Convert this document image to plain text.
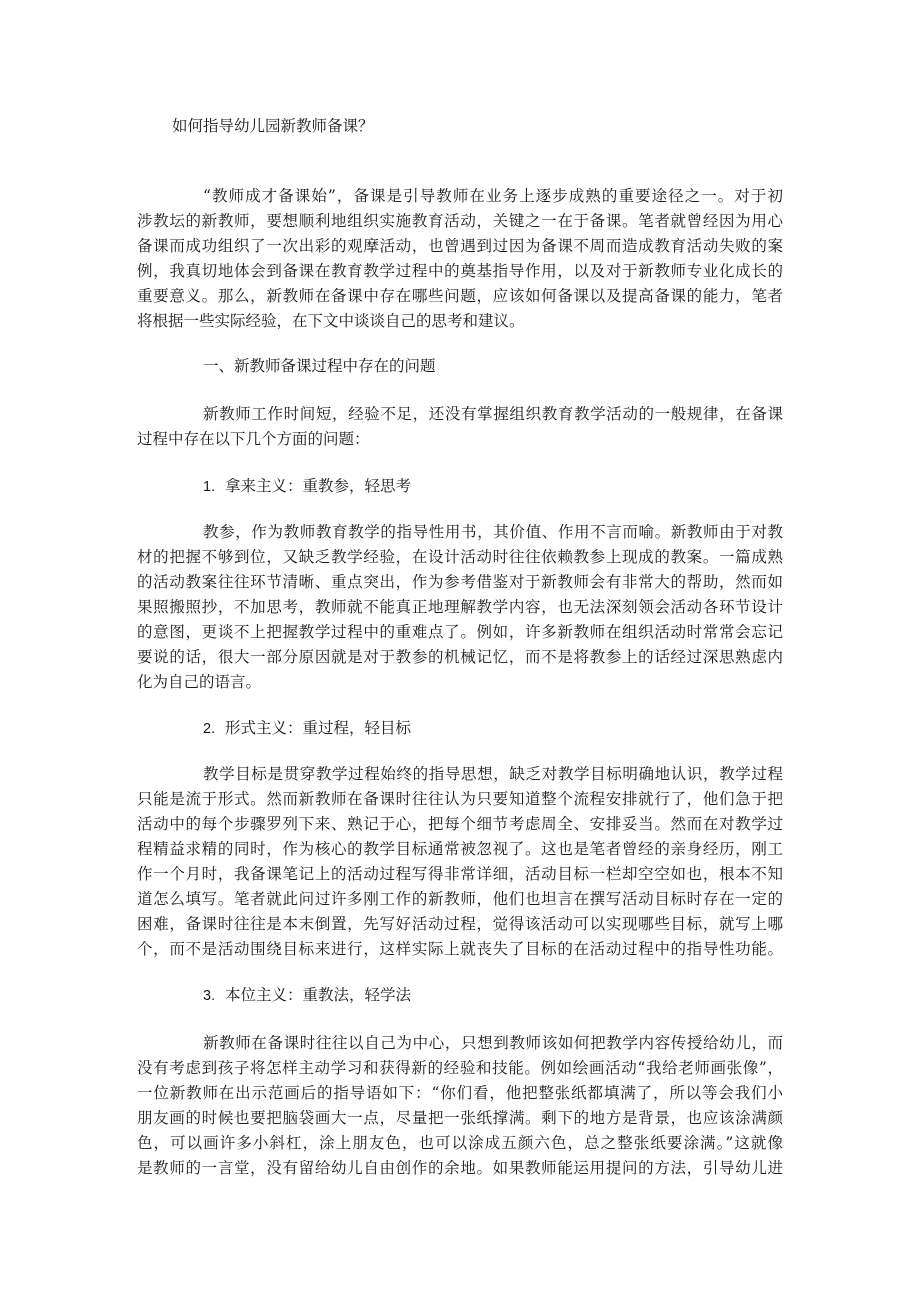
如何指导幼儿园新教师备课？
“教师成才备课始”，备课是引导教师在业务上逐步成熟的重要途径之一。对于初
涉教坛的新教师，要想顺利地组织实施教育活动，关键之一在于备课。笔者就曾经因为用心
备课而成功组织了一次出彩的观摩活动，也曾遇到过因为备课不周而造成教育活动失败的案
例，我真切地体会到备课在教育教学过程中的奠基指导作用，以及对于新教师专业化成长的
重要意义。那么，新教师在备课中存在哪些问题，应该如何备课以及提高备课的能力，笔者
将根据一些实际经验，在下文中谈谈自己的思考和建议。
一、新教师备课过程中存在的问题
新教师工作时间短，经验不足，还没有掌握组织教育教学活动的一般规律，在备课
过程中存在以下几个方面的问题：
1. 拿来主义：重教参，轻思考
教参，作为教师教育教学的指导性用书，其价值、作用不言而喻。新教师由于对教
材的把握不够到位，又缺乏教学经验，在设计活动时往往依赖教参上现成的教案。一篇成熟
的活动教案往往环节清晰、重点突出，作为参考借鉴对于新教师会有非常大的帮助，然而如
果照搬照抄，不加思考，教师就不能真正地理解教学内容，也无法深刻领会活动各环节设计
的意图，更谈不上把握教学过程中的重难点了。例如，许多新教师在组织活动时常常会忘记
要说的话，很大一部分原因就是对于教参的机械记忆，而不是将教参上的话经过深思熟虑内
化为自己的语言。
2. 形式主义：重过程，轻目标
教学目标是贯穿教学过程始终的指导思想，缺乏对教学目标明确地认识，教学过程
只能是流于形式。然而新教师在备课时往往认为只要知道整个流程安排就行了，他们急于把
活动中的每个步骤罗列下来、熟记于心，把每个细节考虑周全、安排妥当。然而在对教学过
程精益求精的同时，作为核心的教学目标通常被忽视了。这也是笔者曾经的亲身经历，刚工
作一个月时，我备课笔记上的活动过程写得非常详细，活动目标一栏却空空如也，根本不知
道怎么填写。笔者就此问过许多刚工作的新教师，他们也坦言在撰写活动目标时存在一定的
困难，备课时往往是本末倒置，先写好活动过程，觉得该活动可以实现哪些目标，就写上哪
个，而不是活动围绕目标来进行，这样实际上就丧失了目标的在活动过程中的指导性功能。
3. 本位主义：重教法，轻学法
新教师在备课时往往以自己为中心，只想到教师该如何把教学内容传授给幼儿，而
没有考虑到孩子将怎样主动学习和获得新的经验和技能。例如绘画活动“我给老师画张像”，
一位新教师在出示范画后的指导语如下：“你们看，他把整张纸都填满了，所以等会我们小
朋友画的时候也要把脑袋画大一点，尽量把一张纸撑满。剩下的地方是背景，也应该涂满颜
色，可以画许多小斜杠，涂上朋友色，也可以涂成五颜六色，总之整张纸要涂满。”这就像
是教师的一言堂，没有留给幼儿自由创作的余地。如果教师能运用提问的方法，引导幼儿进
